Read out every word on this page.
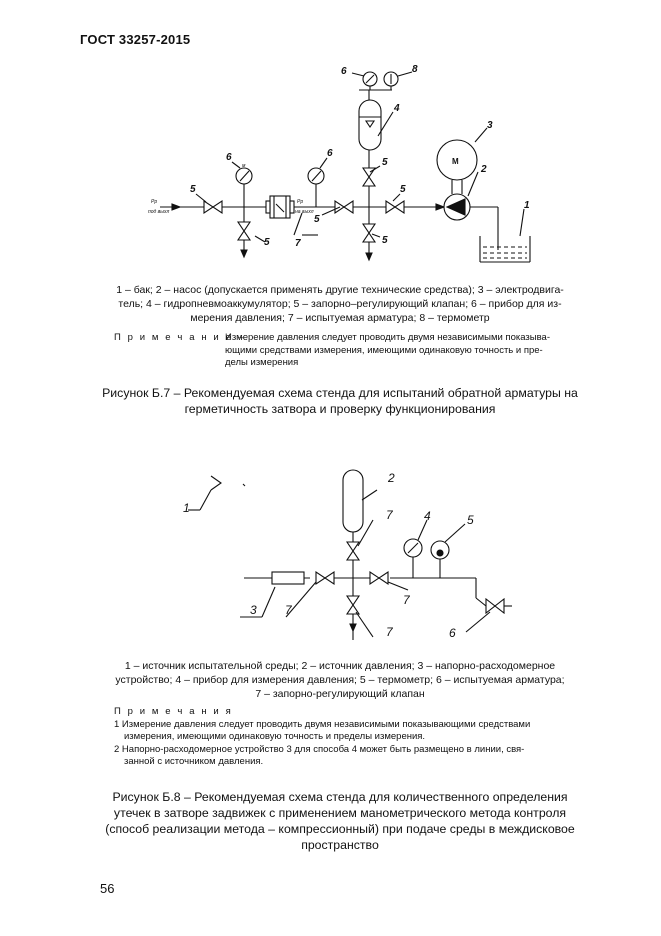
ГОСТ 33257-2015
Рр
под выхл
Рр
на выхл
м	М
5
6
5	7
6
5
5
5
5
6	8
4
3
2
1
1 – бак; 2 – насос (допускается применять другие технические средства); 3 – электродвига-
тель; 4 – гидропневмоаккумулятор; 5 – запорно–регулирующий клапан; 6 – прибор для из-
мерения давления; 7 – испытуемая арматура; 8 – термометр
П р и м е ч а н и е –
Измерение давления следует проводить двумя независимыми показыва-
ющими средствами измерения, имеющими одинаковую точность и пре-
делы измерения
Рисунок Б.7 – Рекомендуемая схема стенда для испытаний обратной арматуры на
герметичность затвора и проверку функционирования
1
2
3 7
7
7
7
4	5
6
1 – источник испытательной среды; 2 – источник давления; 3 – напорно-расходомерное
устройство; 4 – прибор для измерения давления; 5 – термометр; 6 – испытуемая арматура;
7 – запорно-регулирующий клапан
П р и м е ч а н и я
1 Измерение давления следует проводить двумя независимыми показывающими средствами
измерения, имеющими одинаковую точность и пределы измерения.
2 Напорно-расходомерное устройство 3 для способа 4 может быть размещено в линии, свя-
занной с источником давления.
Рисунок Б.8 – Рекомендуемая схема стенда для количественного определения
утечек в затворе задвижек с применением манометрического метода контроля
(способ реализации метода – компрессионный) при подаче среды в междисковое
пространство
56
